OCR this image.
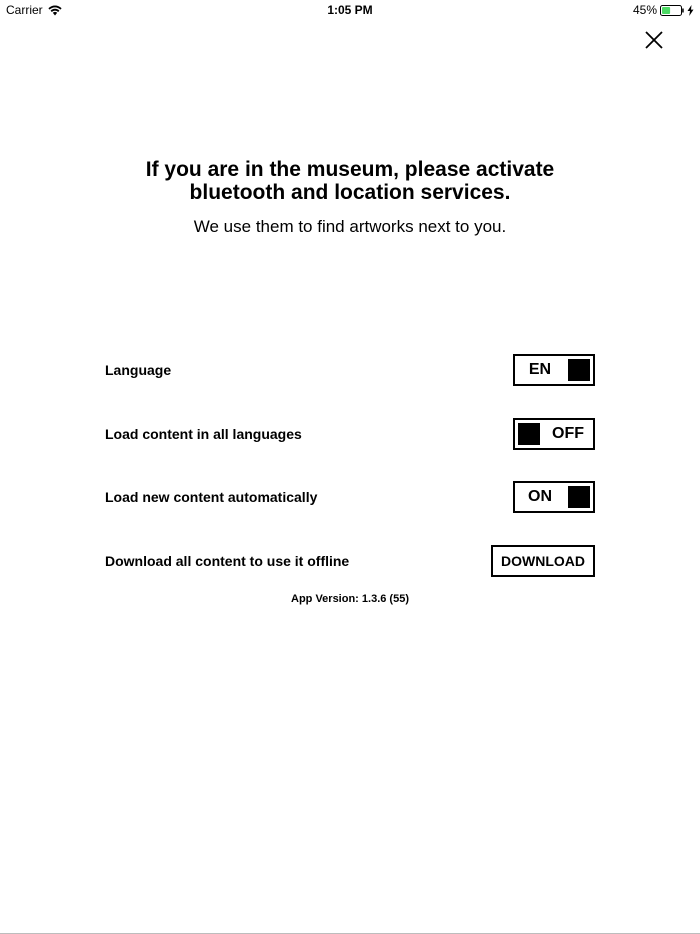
Carrier	1:05 PM	45%
If you are in the museum, please activate
bluetooth and location services.
We use them to find artworks next to you.
Language	EN
Load content in all languages	OFF
Load new content automatically	ON
Download all content to use it offline	DOWNLOAD
App Version: 1.3.6 (55)
